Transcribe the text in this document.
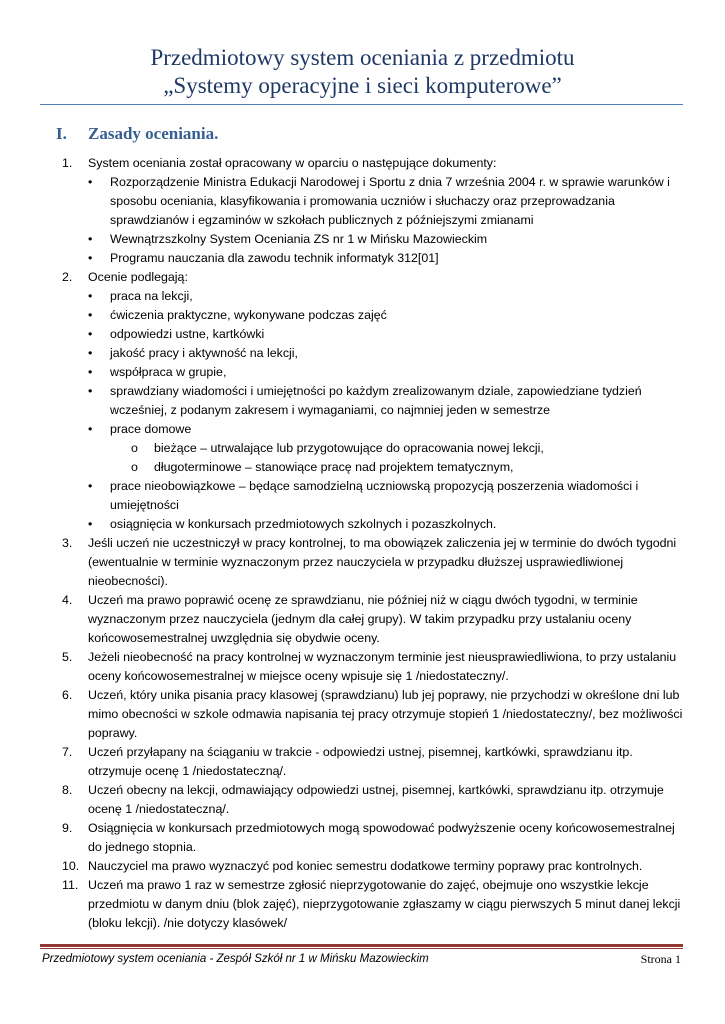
Przedmiotowy system oceniania z przedmiotu
„Systemy operacyjne i sieci komputerowe”
I. Zasady oceniania.
1. System oceniania został opracowany w oparciu o następujące dokumenty:
• Rozporządzenie Ministra Edukacji Narodowej i Sportu z dnia 7 września 2004 r. w sprawie warunków i sposobu oceniania, klasyfikowania i promowania uczniów i słuchaczy oraz przeprowadzania sprawdzianów i egzaminów w szkołach publicznych z późniejszymi zmianami
• Wewnątrzszkolny System Oceniania ZS nr 1 w Mińsku Mazowieckim
• Programu nauczania dla zawodu technik informatyk 312[01]
2. Ocenie podlegają:
• praca na lekcji,
• ćwiczenia praktyczne, wykonywane podczas zajęć
• odpowiedzi ustne, kartkówki
• jakość pracy i aktywność na lekcji,
• współpraca w grupie,
• sprawdziany wiadomości i umiejętności po każdym zrealizowanym dziale, zapowiedziane tydzień wcześniej, z podanym zakresem i wymaganiami, co najmniej jeden w semestrze
• prace domowe
o bieżące – utrwalające lub przygotowujące do opracowania nowej lekcji,
o długoterminowe – stanowiące pracę nad projektem tematycznym,
• prace nieobowiązkowe – będące samodzielną uczniowską propozycją poszerzenia wiadomości i umiejętności
• osiągnięcia w konkursach przedmiotowych szkolnych i pozaszkolnych.
3. Jeśli uczeń nie uczestniczył w pracy kontrolnej, to ma obowiązek zaliczenia jej w terminie do dwóch tygodni (ewentualnie w terminie wyznaczonym przez nauczyciela w przypadku dłuższej usprawiedliwionej nieobecności).
4. Uczeń ma prawo poprawić ocenę ze sprawdzianu, nie później niż w ciągu dwóch tygodni, w terminie wyznaczonym przez nauczyciela (jednym dla całej grupy). W takim przypadku przy ustalaniu oceny końcowosemestralnej uwzględnia się obydwie oceny.
5. Jeżeli nieobecność na pracy kontrolnej w wyznaczonym terminie jest nieusprawiedliwiona, to przy ustalaniu oceny końcowosemestralnej w miejsce oceny wpisuje się 1 /niedostateczny/.
6. Uczeń, który unika pisania pracy klasowej (sprawdzianu) lub jej poprawy, nie przychodzi w określone dni lub mimo obecności w szkole odmawia napisania tej pracy otrzymuje stopień 1 /niedostateczny/, bez możliwości poprawy.
7. Uczeń przyłapany na ściąganiu w trakcie - odpowiedzi ustnej, pisemnej, kartkówki, sprawdzianu itp. otrzymuje ocenę 1 /niedostateczną/.
8. Uczeń obecny na lekcji, odmawiający odpowiedzi ustnej, pisemnej, kartkówki, sprawdzianu itp. otrzymuje ocenę 1 /niedostateczną/.
9. Osiągnięcia w konkursach przedmiotowych mogą spowodować podwyższenie oceny końcowosemestralnej do jednego stopnia.
10. Nauczyciel ma prawo wyznaczyć pod koniec semestru dodatkowe terminy poprawy prac kontrolnych.
11. Uczeń ma prawo 1 raz w semestrze zgłosić nieprzygotowanie do zajęć, obejmuje ono wszystkie lekcje przedmiotu w danym dniu (blok zajęć), nieprzygotowanie zgłaszamy w ciągu pierwszych 5 minut danej lekcji (bloku lekcji). /nie dotyczy klasówek/
Przedmiotowy system oceniania - Zespół Szkół nr 1 w Mińsku Mazowieckim	Strona 1
